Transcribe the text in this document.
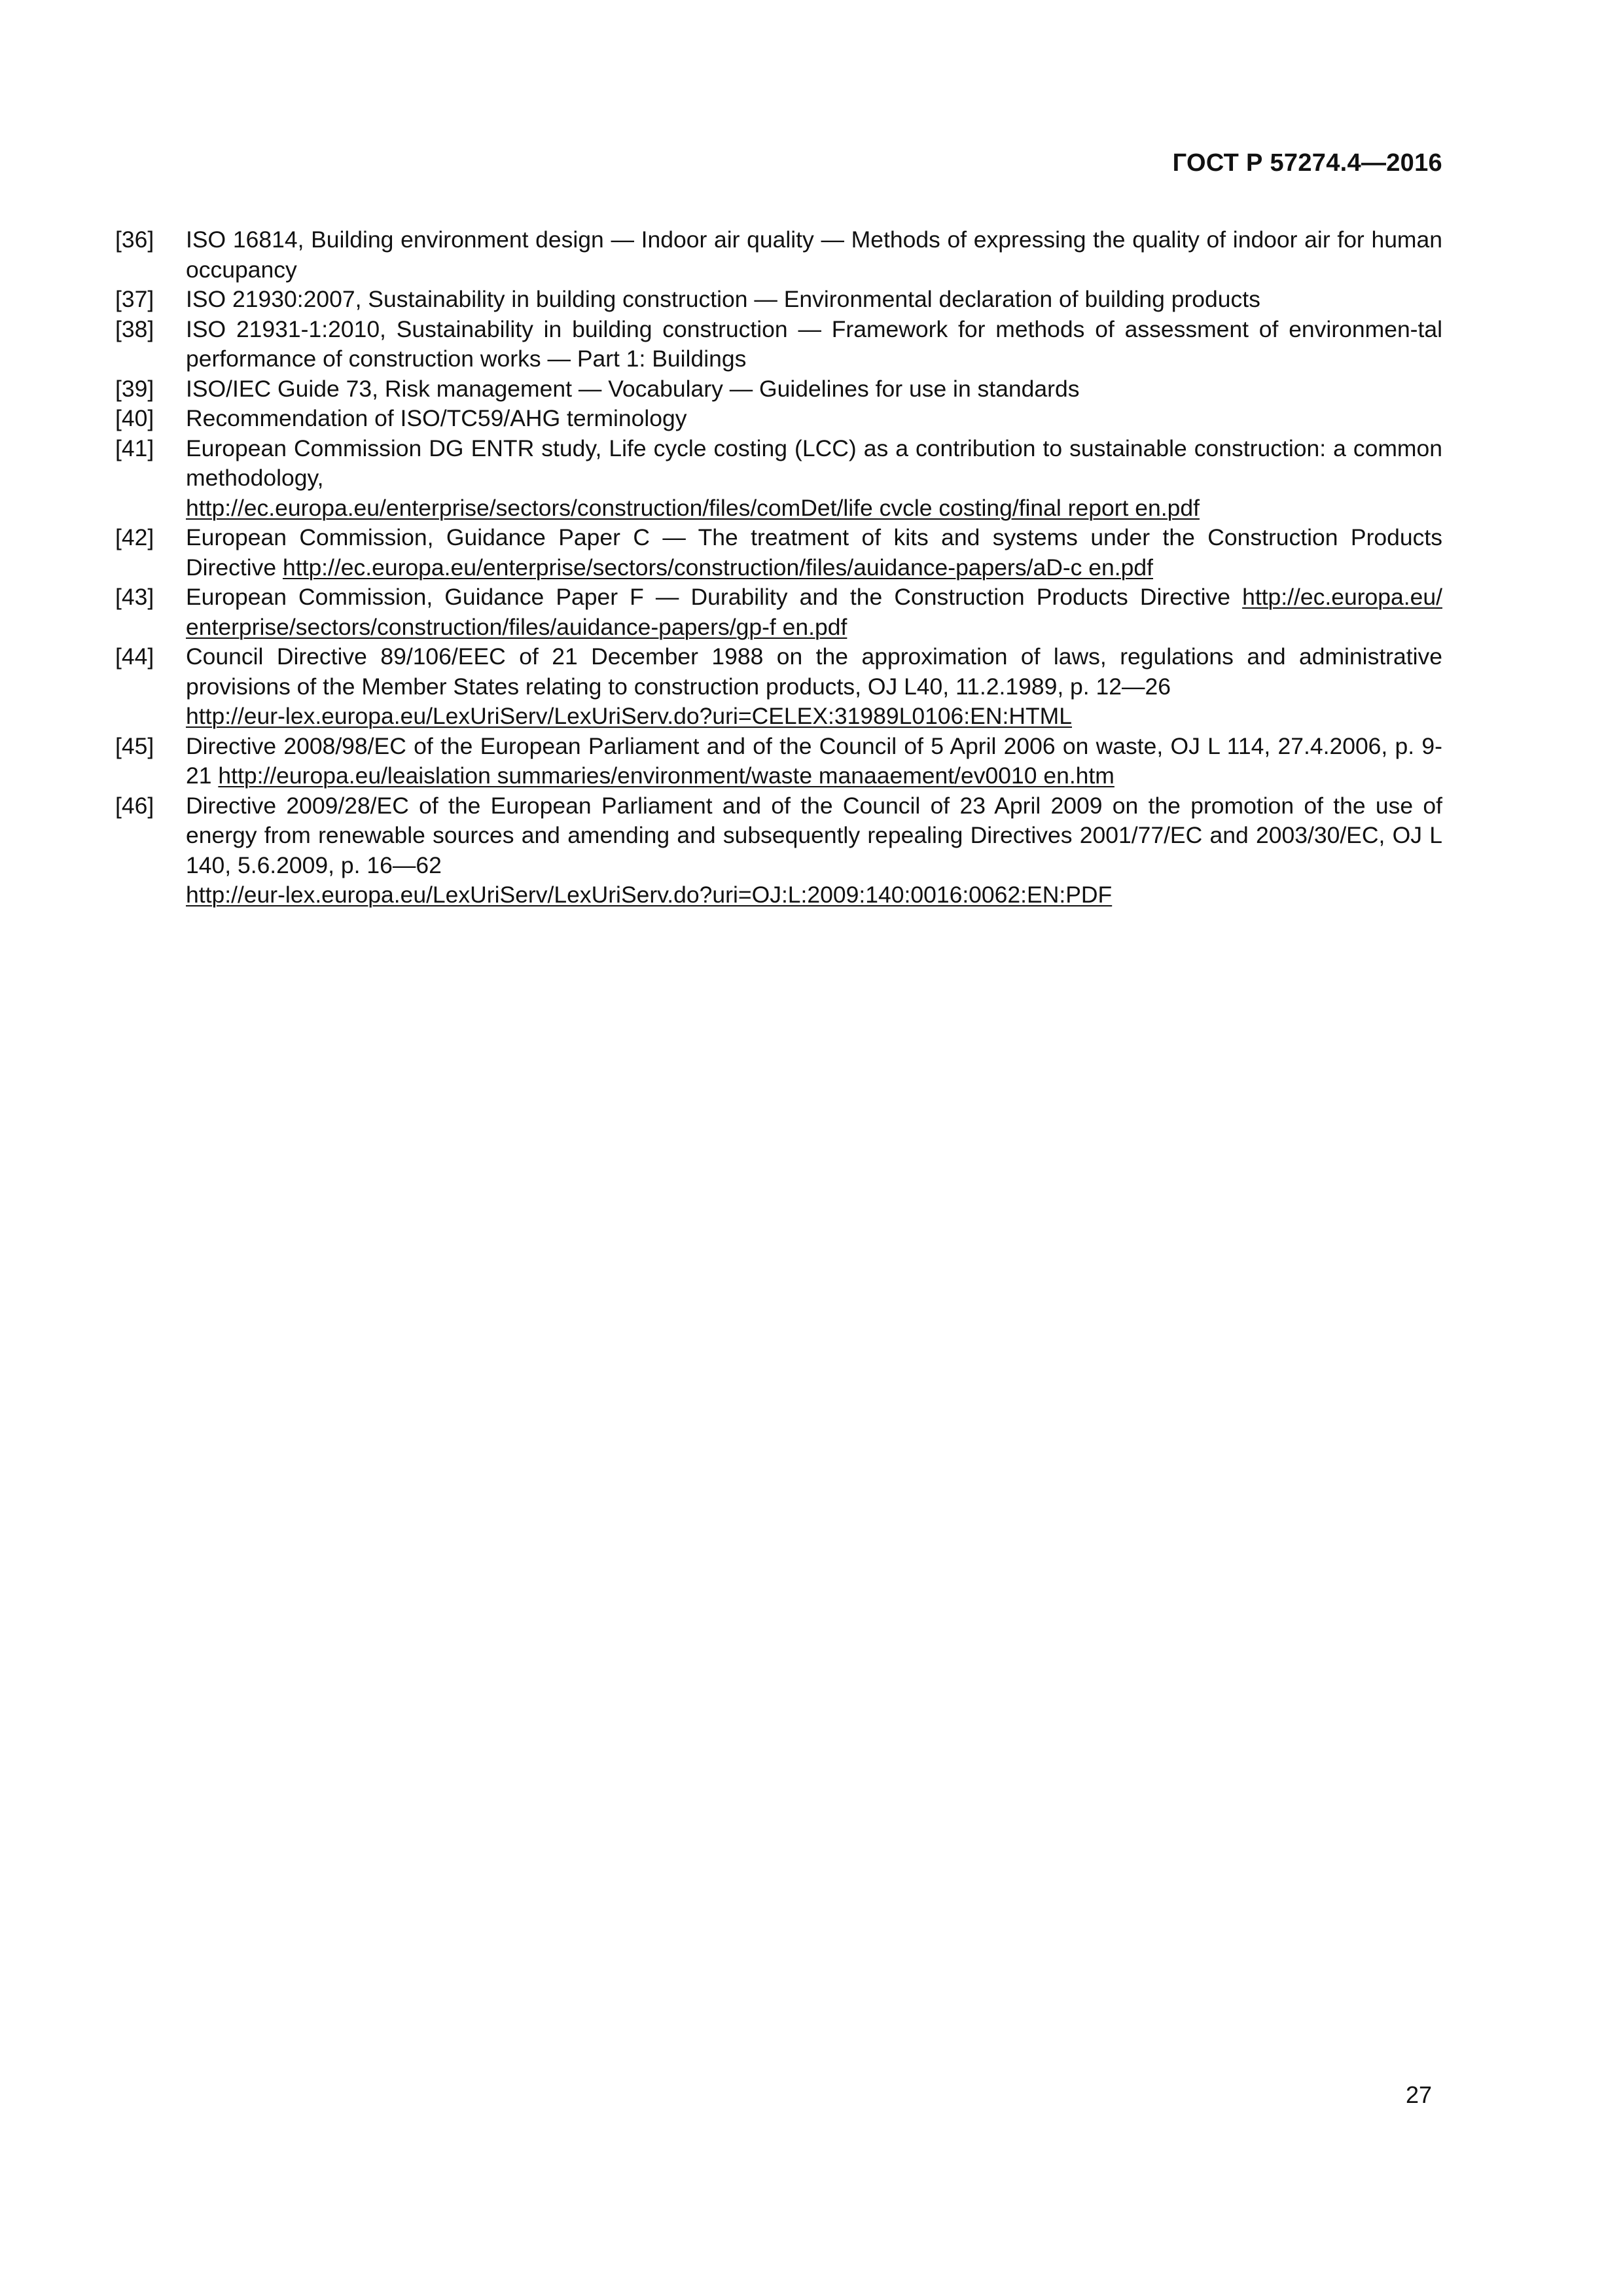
ГОСТ Р 57274.4—2016
[36]	ISO 16814, Building environment design — Indoor air quality — Methods of expressing the quality of indoor air for human occupancy
[37]	ISO 21930:2007, Sustainability in building construction — Environmental declaration of building products
[38]	ISO 21931-1:2010, Sustainability in building construction — Framework for methods of assessment of environmen-tal performance of construction works — Part 1: Buildings
[39]	ISO/IEC Guide 73, Risk management — Vocabulary — Guidelines for use in standards
[40]	Recommendation of ISO/TC59/AHG terminology
[41]	European Commission DG ENTR study, Life cycle costing (LCC) as a contribution to sustainable construction: a common methodology,
http://ec.europa.eu/enterprise/sectors/construction/files/comDet/life cvcle costing/final report en.pdf
[42]	European Commission, Guidance Paper C — The treatment of kits and systems under the Construction Products Directive http://ec.europa.eu/enterprise/sectors/construction/files/auidance-papers/aD-c en.pdf
[43]	European Commission, Guidance Paper F — Durability and the Construction Products Directive http://ec.europa.eu/ enterprise/sectors/construction/files/auidance-papers/gp-f en.pdf
[44]	Council Directive 89/106/EEC of 21 December 1988 on the approximation of laws, regulations and administrative provisions of the Member States relating to construction products, OJ L40, 11.2.1989, p. 12—26
http://eur-lex.europa.eu/LexUriServ/LexUriServ.do?uri=CELEX:31989L0106:EN:HTML
[45]	Directive 2008/98/EC of the European Parliament and of the Council of 5 April 2006 on waste, OJ L 114, 27.4.2006, p. 9-21 http://europa.eu/leaislation summaries/environment/waste manaaement/ev0010 en.htm
[46]	Directive 2009/28/EC of the European Parliament and of the Council of 23 April 2009 on the promotion of the use of energy from renewable sources and amending and subsequently repealing Directives 2001/77/EC and 2003/30/EC, OJ L 140, 5.6.2009, p. 16—62
http://eur-lex.europa.eu/LexUriServ/LexUriServ.do?uri=OJ:L:2009:140:0016:0062:EN:PDF
27
